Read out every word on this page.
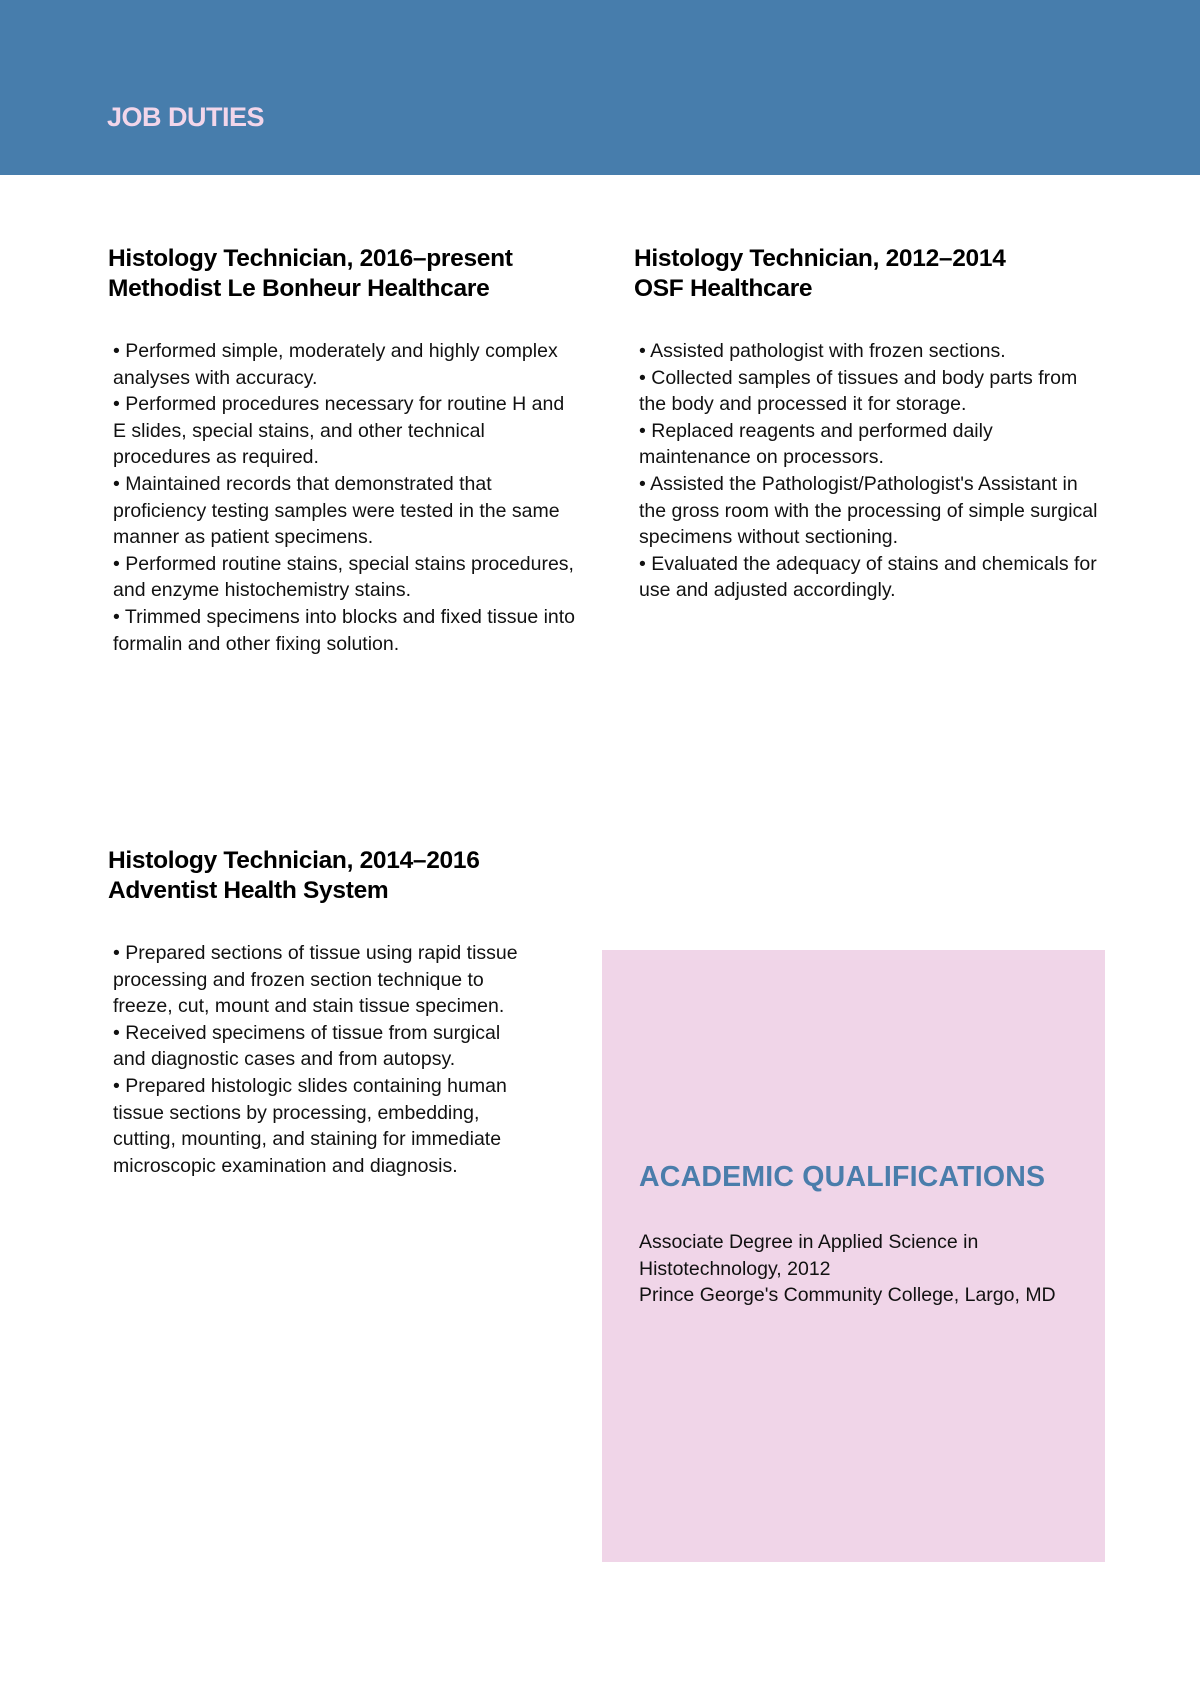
JOB DUTIES
Histology Technician, 2016–present
Methodist Le Bonheur Healthcare
• Performed simple, moderately and highly complex analyses with accuracy.
• Performed procedures necessary for routine H and E slides, special stains, and other technical procedures as required.
• Maintained records that demonstrated that proficiency testing samples were tested in the same manner as patient specimens.
• Performed routine stains, special stains procedures, and enzyme histochemistry stains.
• Trimmed specimens into blocks and fixed tissue into formalin and other fixing solution.
Histology Technician, 2012–2014
OSF Healthcare
• Assisted pathologist with frozen sections.
• Collected samples of tissues and body parts from the body and processed it for storage.
• Replaced reagents and performed daily maintenance on processors.
• Assisted the Pathologist/Pathologist's Assistant in the gross room with the processing of simple surgical specimens without sectioning.
• Evaluated the adequacy of stains and chemicals for use and adjusted accordingly.
Histology Technician, 2014–2016
Adventist Health System
• Prepared sections of tissue using rapid tissue processing and frozen section technique to freeze, cut, mount and stain tissue specimen.
• Received specimens of tissue from surgical and diagnostic cases and from autopsy.
• Prepared histologic slides containing human tissue sections by processing, embedding, cutting, mounting, and staining for immediate microscopic examination and diagnosis.	ACADEMIC QUALIFICATIONS
Associate Degree in Applied Science in Histotechnology, 2012
Prince George's Community College, Largo, MD
